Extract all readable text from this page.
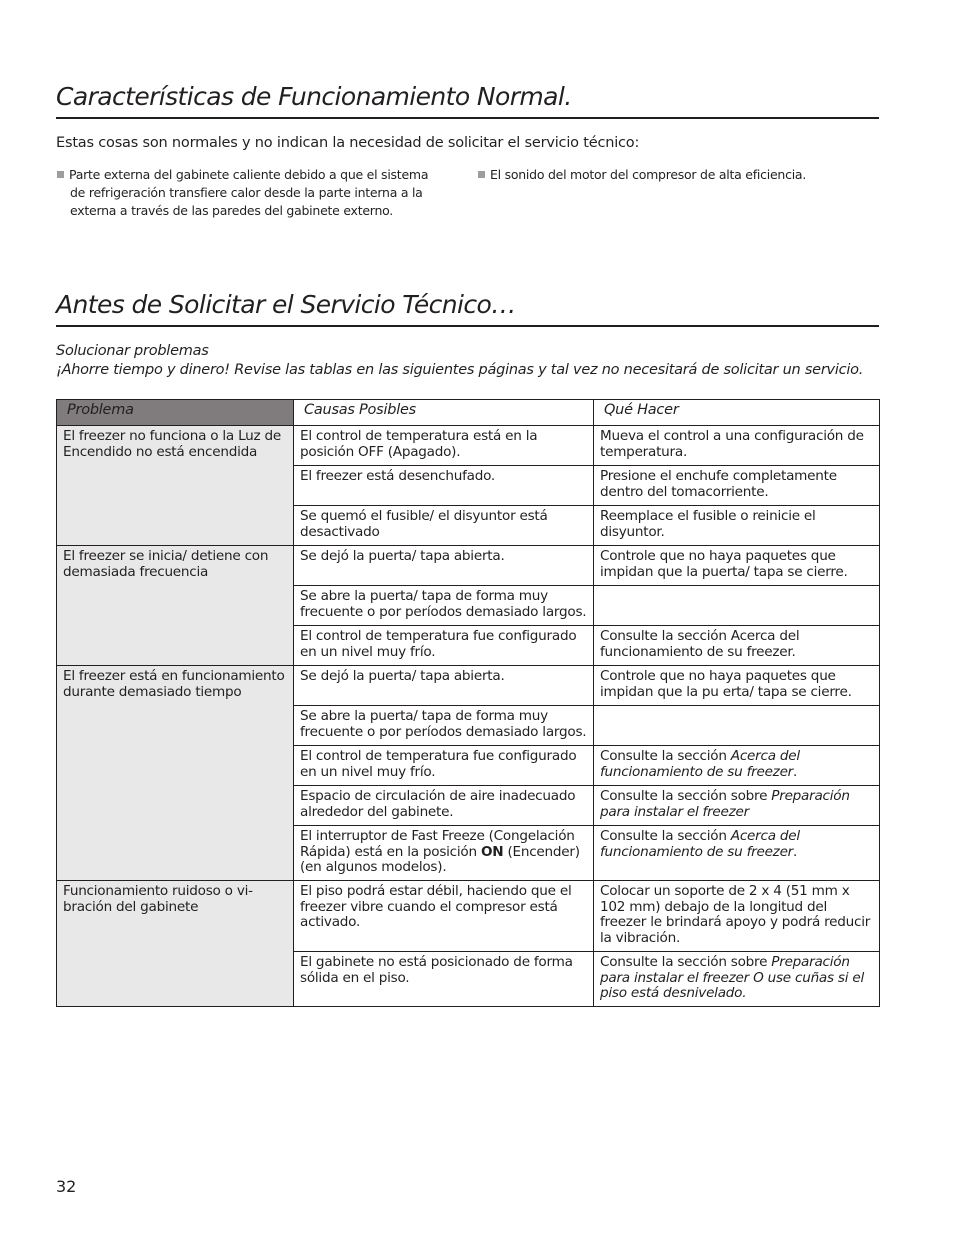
Características de Funcionamiento Normal.
Estas cosas son normales y no indican la necesidad de solicitar el servicio técnico:
Parte externa del gabinete caliente debido a que el sistema
de refrigeración transfiere calor desde la parte interna a la
externa a través de las paredes del gabinete externo.
El sonido del motor del compresor de alta eficiencia.
Antes de Solicitar el Servicio Técnico…
Solucionar problemas
¡Ahorre tiempo y dinero! Revise las tablas en las siguientes páginas y tal vez no necesitará de solicitar un servicio.
Problema	Causas Posibles	Qué Hacer
El freezer no funciona o la Luz de Encendido no está encendida	El control de temperatura está en la posición OFF (Apagado).	Mueva el control a una configuración de temperatura.
	El freezer está desenchufado.	Presione el enchufe completamente dentro del tomacorriente.
	Se quemó el fusible/ el disyuntor está desactivado	Reemplace el fusible o reinicie el disyuntor.
El freezer se inicia/ detiene con demasiada frecuencia	Se dejó la puerta/ tapa abierta.	Controle que no haya paquetes que impidan que la puerta/ tapa se cierre.
	Se abre la puerta/ tapa de forma muy frecuente o por períodos demasiado largos.	
	El control de temperatura fue configurado en un nivel muy frío.	Consulte la sección Acerca del funcionamiento de su freezer.
El freezer está en funcionamiento durante demasiado tiempo	Se dejó la puerta/ tapa abierta.	Controle que no haya paquetes que impidan que la pu erta/ tapa se cierre.
	Se abre la puerta/ tapa de forma muy frecuente o por períodos demasiado largos.	
	El control de temperatura fue configurado en un nivel muy frío.	Consulte la sección Acerca del funcionamiento de su freezer.
	Espacio de circulación de aire inadecuado alrededor del gabinete.	Consulte la sección sobre Preparación para instalar el freezer
	El interruptor de Fast Freeze (Congelación Rápida) está en la posición ON (Encender) (en algunos modelos).	Consulte la sección Acerca del funcionamiento de su freezer.
Funcionamiento ruidoso o vi- bración del gabinete	El piso podrá estar débil, haciendo que el freezer vibre cuando el compresor está activado.	Colocar un soporte de 2 x 4 (51 mm x 102 mm) debajo de la longitud del freezer le brindará apoyo y podrá reducir la vibración.
	El gabinete no está posicionado de forma sólida en el piso.	Consulte la sección sobre Preparación para instalar el freezer O use cuñas si el piso está desnivelado.
32
